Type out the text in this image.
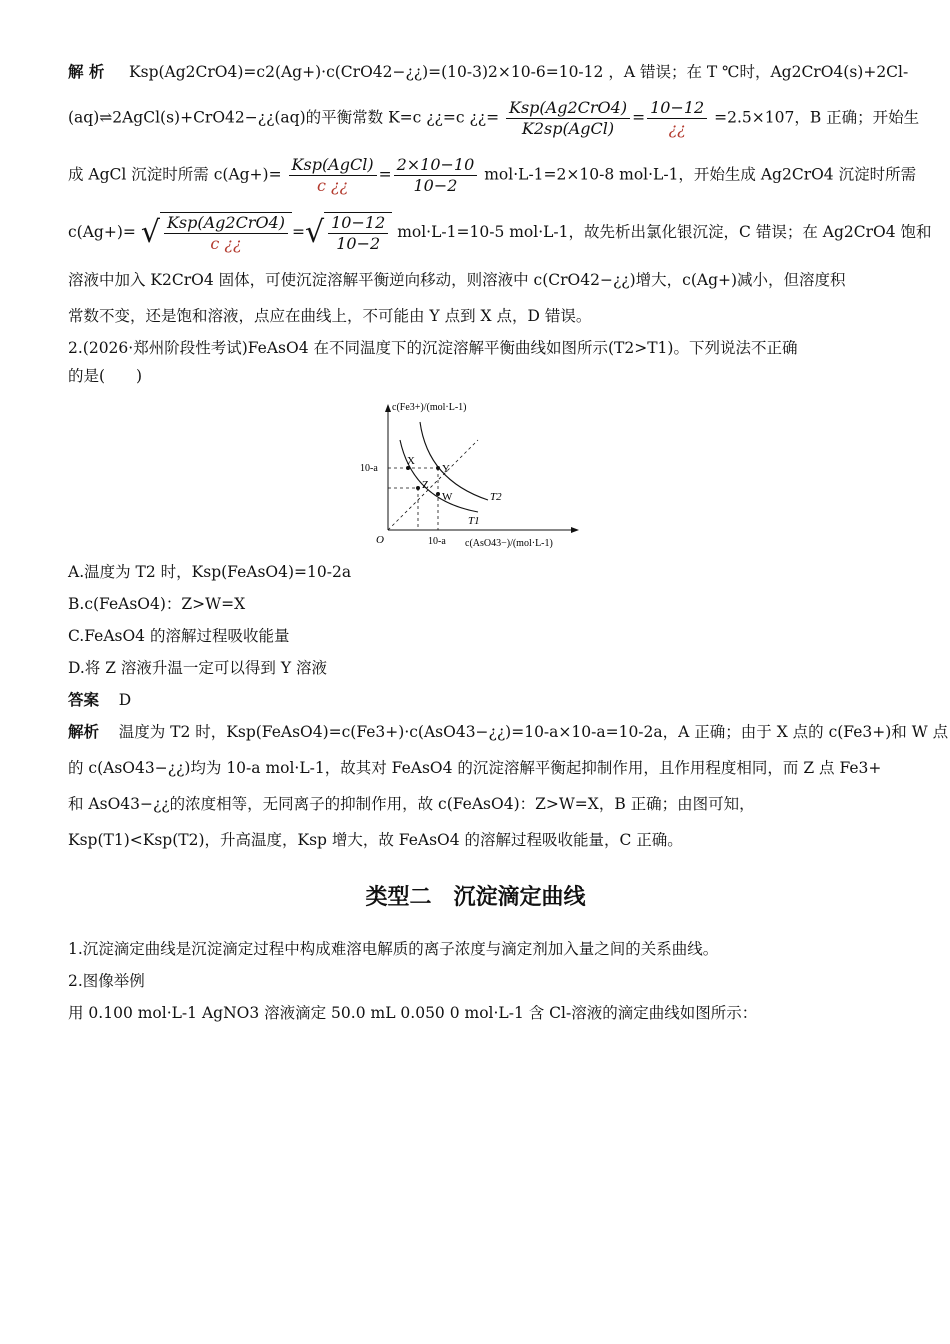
解 析 Ksp(Ag2CrO4)=c2(Ag+)·c(CrO42−¿¿)=(10-3)2×10-6=10-12 ，A 错误；在 T ℃时，Ag2CrO4(s)+2Cl-
(aq)⇌2AgCl(s)+CrO42−¿¿(aq)的平衡常数 K=c ¿¿=c ¿¿= $\frac{\text{Ksp(Ag2CrO4)}}{\text{K2sp(AgCl)}} = \frac{10-12}{¿¿} =2.5\times 107$，B 正确；开始生
成 AgCl 沉淀时所需 $c(Ag+)= \frac{\text{Ksp(AgCl)}}{c ¿¿} = \frac{2\times 10-10}{10-2} mol\cdot L-1=2\times 10-8$ mol·L-1，开始生成 Ag2CrO4 沉淀时所需
c(Ag+)= √ $\frac{\text{Ksp(Ag2CrO4)}}{c ¿¿}$ =√ $\frac{10-12}{10-2} mol\cdot L-1=10-5$ mol·L-1，故先析出氯化银沉淀，C 错误；在 Ag2CrO4 饱和
溶液中加入 K2CrO4 固体，可使沉淀溶解平衡逆向移动，则溶液中 c(CrO42−¿¿)增大，c(Ag+)减小，但溶度积
常数不变，还是饱和溶液，点应在曲线上，不可能由 Y 点到 X 点，D 错误。
2.(2026·郑州阶段性考试)FeAsO4 在不同温度下的沉淀溶解平衡曲线如图所示(T2>T1)。下列说法不正确
的是(　　)
c(Fe3+)/(mol·L-1)
c(AsO43−)/(mol·L-1)
10-a
10-a
O
X
Y
Z
W	T2
T1
A.温度为 T2 时，Ksp(FeAsO4)=10-2a
B.c(FeAsO4)：Z>W=X
C.FeAsO4 的溶解过程吸收能量
D.将 Z 溶液升温一定可以得到 Y 溶液
答案 D
解析 温度为 T2 时，Ksp(FeAsO4)=c(Fe3+)·c(AsO43−¿¿)=10-a×10-a=10-2a，A 正确；由于 X 点的 c(Fe3+)和 W 点
的 c(AsO43−¿¿)均为 10-a mol·L-1，故其对 FeAsO4 的沉淀溶解平衡起抑制作用，且作用程度相同，而 Z 点 Fe3+
和 AsO43−¿¿的浓度相等，无同离子的抑制作用，故 c(FeAsO4)：Z>W=X，B 正确；由图可知，
Ksp(T1)<Ksp(T2)，升高温度，Ksp 增大，故 FeAsO4 的溶解过程吸收能量，C 正确。
类型二　沉淀滴定曲线
1.沉淀滴定曲线是沉淀滴定过程中构成难溶电解质的离子浓度与滴定剂加入量之间的关系曲线。
2.图像举例
用 0.100 mol·L-1 AgNO3 溶液滴定 50.0 mL 0.050 0 mol·L-1 含 Cl-溶液的滴定曲线如图所示：
